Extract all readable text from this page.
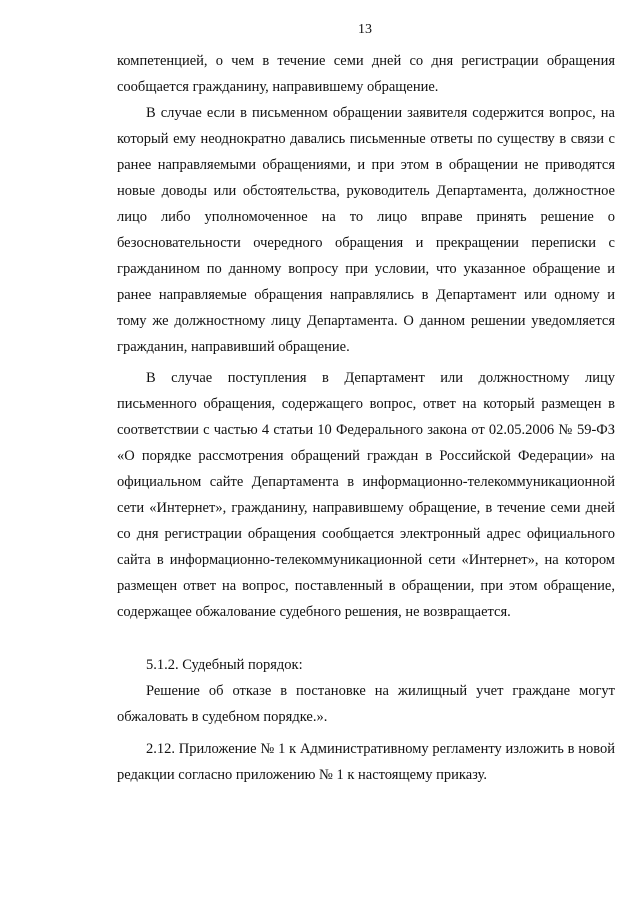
13

компетенцией, о чем в течение семи дней со дня регистрации обращения сообщается гражданину, направившему обращение.

В случае если в письменном обращении заявителя содержится вопрос, на который ему неоднократно давались письменные ответы по существу в связи с ранее направляемыми обращениями, и при этом в обращении не приводятся новые доводы или обстоятельства, руководитель Департамента, должностное лицо либо уполномоченное на то лицо вправе принять решение о безосновательности очередного обращения и прекращении переписки с гражданином по данному вопросу при условии, что указанное обращение и ранее направляемые обращения направлялись в Департамент или одному и тому же должностному лицу Департамента. О данном решении уведомляется гражданин, направивший обращение.

В случае поступления в Департамент или должностному лицу письменного обращения, содержащего вопрос, ответ на который размещен в соответствии с частью 4 статьи 10 Федерального закона от 02.05.2006 № 59-ФЗ «О порядке рассмотрения обращений граждан в Российской Федерации» на официальном сайте Департамента в информационно-телекоммуникационной сети «Интернет», гражданину, направившему обращение, в течение семи дней со дня регистрации обращения сообщается электронный адрес официального сайта в информационно-телекоммуникационной сети «Интернет», на котором размещен ответ на вопрос, поставленный в обращении, при этом обращение, содержащее обжалование судебного решения, не возвращается.

5.1.2. Судебный порядок:

Решение об отказе в постановке на жилищный учет граждане могут обжаловать в судебном порядке.».

2.12. Приложение № 1 к Административному регламенту изложить в новой редакции согласно приложению № 1 к настоящему приказу.
